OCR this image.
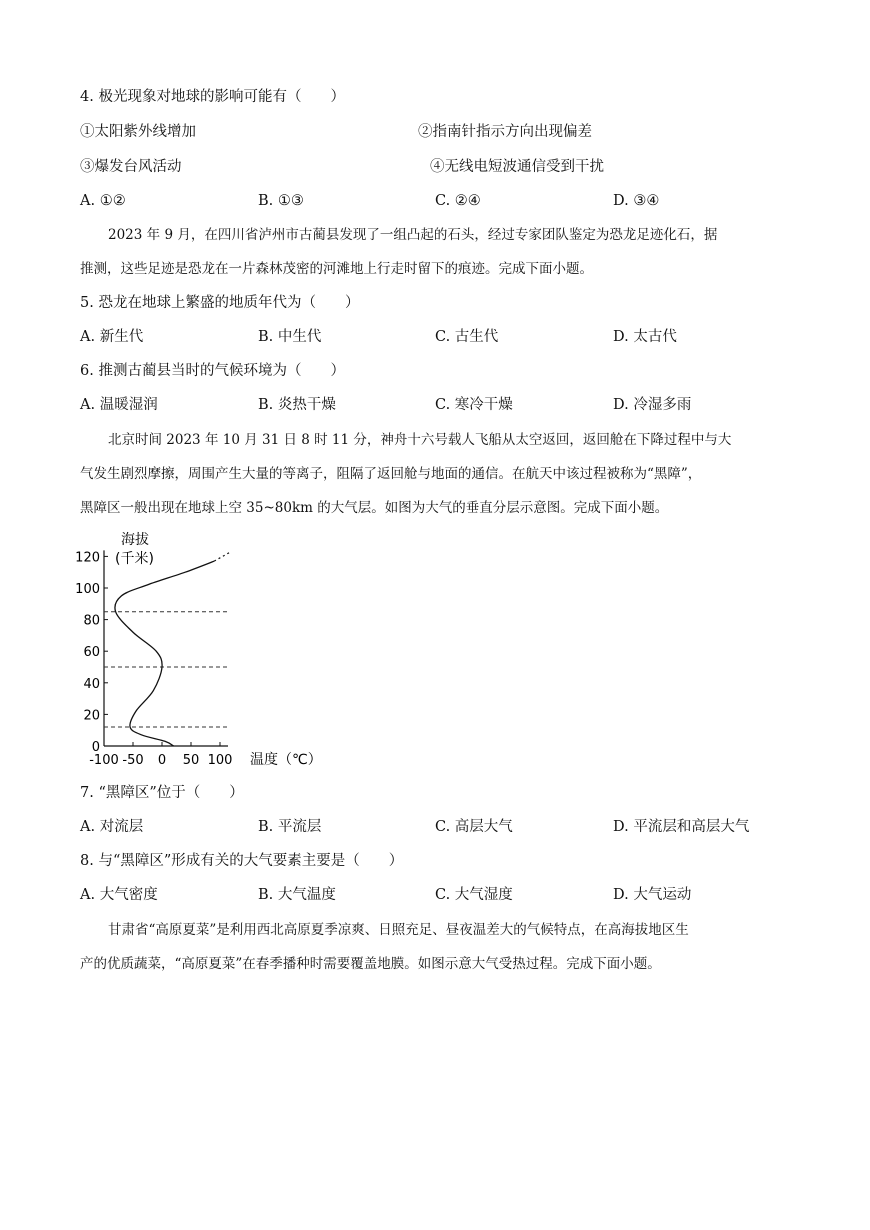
4. 极光现象对地球的影响可能有（　　）
①太阳紫外线增加	②指南针指示方向出现偏差
③爆发台风活动	④无线电短波通信受到干扰
A. ①②	B. ①③	C. ②④	D. ③④
2023 年 9 月，在四川省泸州市古蔺县发现了一组凸起的石头，经过专家团队鉴定为恐龙足迹化石，据
推测，这些足迹是恐龙在一片森林茂密的河滩地上行走时留下的痕迹。完成下面小题。
5. 恐龙在地球上繁盛的地质年代为（　　）
A. 新生代	B. 中生代	C. 古生代	D. 太古代
6. 推测古蔺县当时的气候环境为（　　）
A. 温暖湿润	B. 炎热干燥	C. 寒冷干燥	D. 冷湿多雨
北京时间 2023 年 10 月 31 日 8 时 11 分，神舟十六号载人飞船从太空返回，返回舱在下降过程中与大
气发生剧烈摩擦，周围产生大量的等离子，阻隔了返回舱与地面的通信。在航天中该过程被称为“黑障”，
黑障区一般出现在地球上空 35~80km 的大气层。如图为大气的垂直分层示意图。完成下面小题。
0
20
40
60
80
100
120
-100 -50 0 50 100
海拔
(千米)
温度（℃）
7. “黑障区”位于（　　）
A. 对流层	B. 平流层	C. 高层大气	D. 平流层和高层大气
8. 与“黑障区”形成有关的大气要素主要是（　　）
A. 大气密度	B. 大气温度	C. 大气湿度	D. 大气运动
甘肃省“高原夏菜”是利用西北高原夏季凉爽、日照充足、昼夜温差大的气候特点，在高海拔地区生
产的优质蔬菜，“高原夏菜”在春季播种时需要覆盖地膜。如图示意大气受热过程。完成下面小题。
